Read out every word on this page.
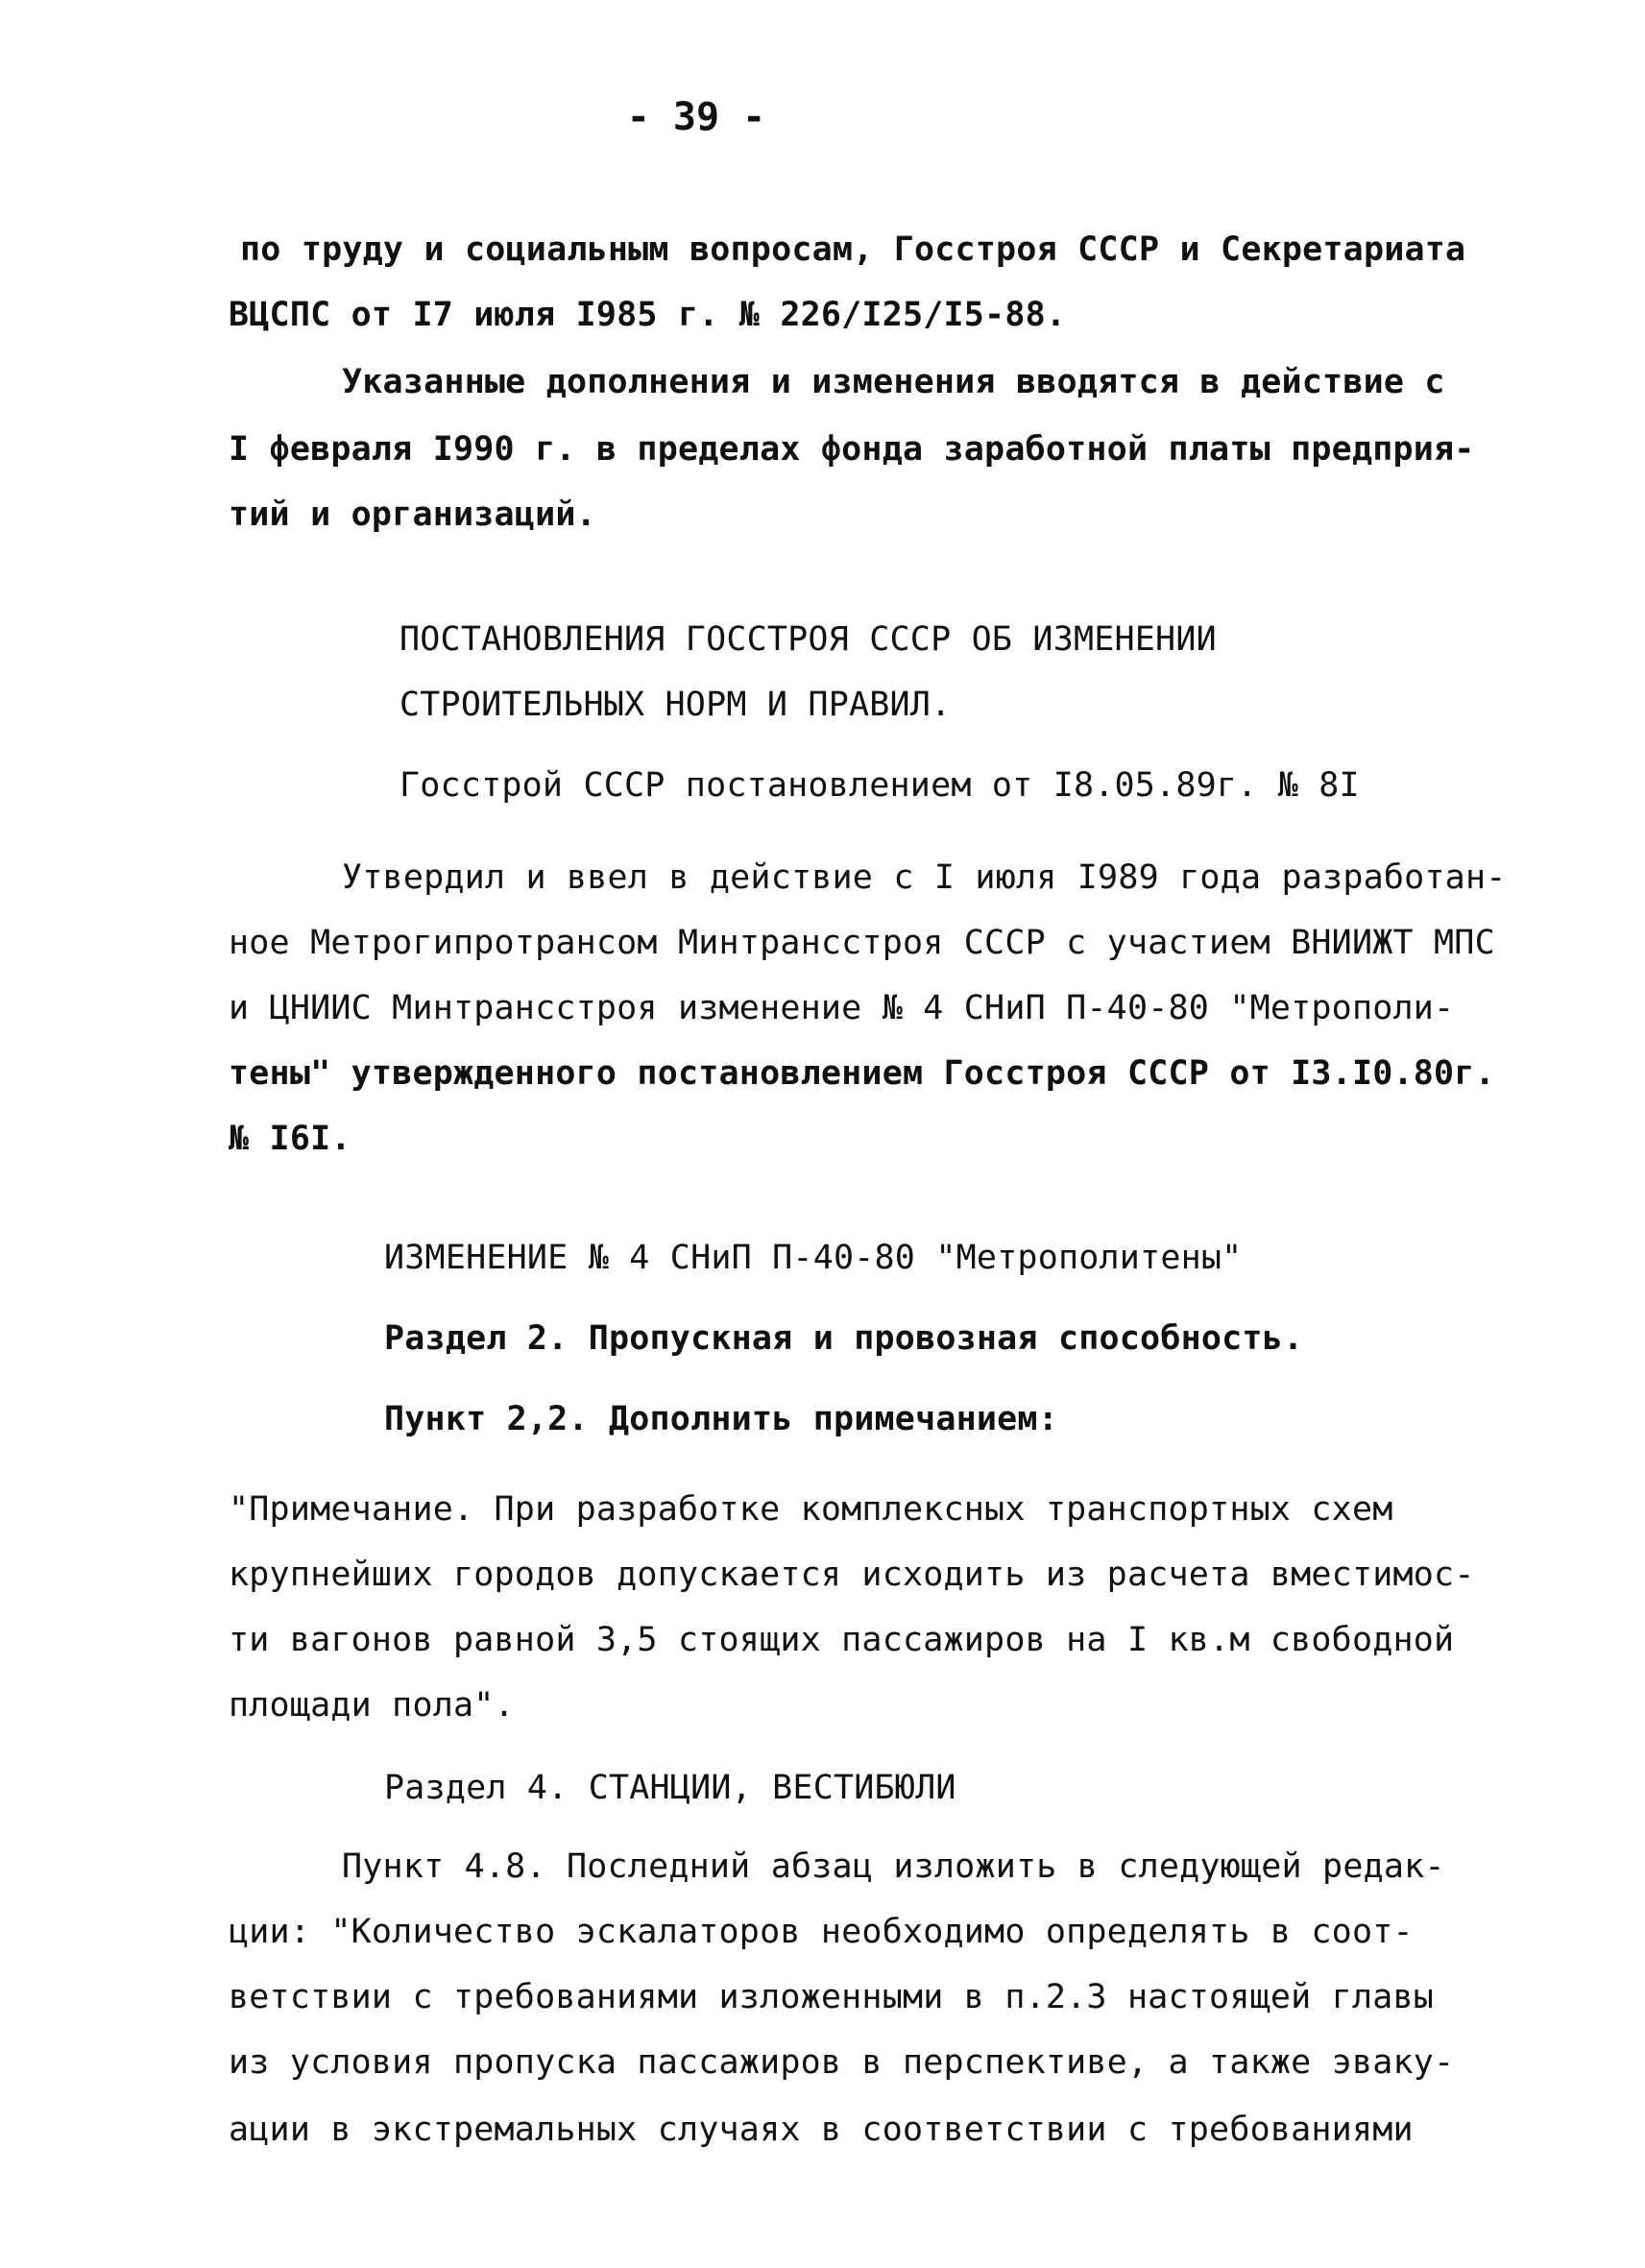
- 39 -
по труду и социальным вопросам, Госстроя СССР и Секретариата
ВЦСПС от I7 июля I985 г. № 226/I25/I5-88.
Указанные дополнения и изменения вводятся в действие с
I февраля I990 г. в пределах фонда заработной платы предприя-
тий и организаций.
ПОСТАНОВЛЕНИЯ ГОССТРОЯ СССР ОБ ИЗМЕНЕНИИ
СТРОИТЕЛЬНЫХ НОРМ И ПРАВИЛ.
Госстрой СССР постановлением от I8.05.89г. № 8I
Утвердил и ввел в действие с I июля I989 года разработан-
ное Метрогипротрансом Минтрансстроя СССР с участием ВНИИЖТ МПС
и ЦНИИС Минтрансстроя изменение № 4 СНиП П-40-80 "Метрополи-
тены" утвержденного постановлением Госстроя СССР от I3.I0.80г.
№ I6I.
ИЗМЕНЕНИЕ № 4 СНиП П-40-80 "Метрополитены"
Раздел 2. Пропускная и провозная способность.
Пункт 2,2. Дополнить примечанием:
"Примечание. При разработке комплексных транспортных схем
крупнейших городов допускается исходить из расчета вместимос-
ти вагонов равной 3,5 стоящих пассажиров на I кв.м свободной
площади пола".
Раздел 4. СТАНЦИИ, ВЕСТИБЮЛИ
Пункт 4.8. Последний абзац изложить в следующей редак-
ции: "Количество эскалаторов необходимо определять в соот-
ветствии с требованиями изложенными в п.2.3 настоящей главы
из условия пропуска пассажиров в перспективе, а также эваку-
ации в экстремальных случаях в соответствии с требованиями
